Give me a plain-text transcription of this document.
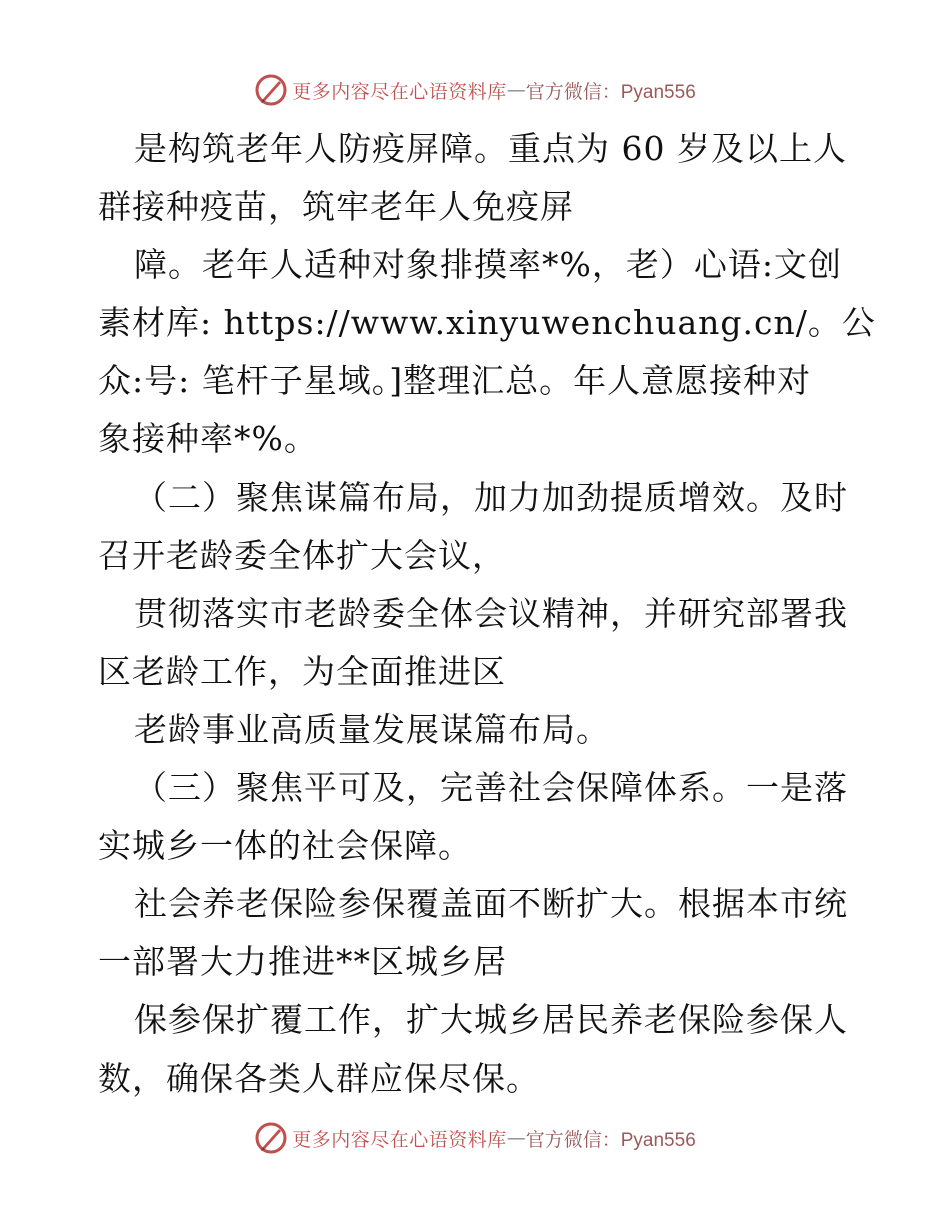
更多内容尽在心语资料库 — 官方微信：Pyan556
是构筑老年人防疫屏障。重点为 60 岁及以上人
群接种疫苗，筑牢老年人免疫屏
障。老年人适种对象排摸率*%，老）心语:文创
素材库: https://www.xinyuwenchuang.cn/。公
众:号: 笔杆子星域。]整理汇总。年人意愿接种对
象接种率*%。
（二）聚焦谋篇布局，加力加劲提质增效。及时
召开老龄委全体扩大会议，
贯彻落实市老龄委全体会议精神，并研究部署我
区老龄工作，为全面推进区
老龄事业高质量发展谋篇布局。
（三）聚焦平可及，完善社会保障体系。一是落
实城乡一体的社会保障。
社会养老保险参保覆盖面不断扩大。根据本市统
一部署大力推进**区城乡居
保参保扩覆工作，扩大城乡居民养老保险参保人
数，确保各类人群应保尽保。
更多内容尽在心语资料库 — 官方微信：Pyan556
